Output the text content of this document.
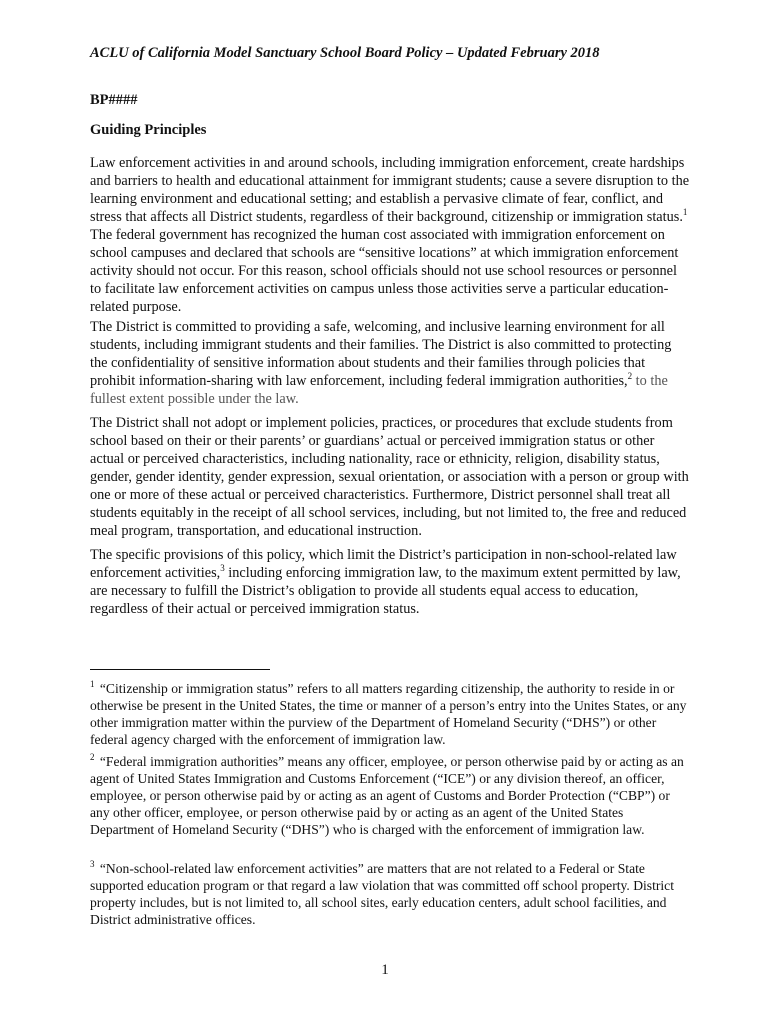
ACLU of California Model Sanctuary School Board Policy – Updated February 2018
BP####
Guiding Principles

Law enforcement activities in and around schools, including immigration enforcement, create hardships and barriers to health and educational attainment for immigrant students; cause a severe disruption to the learning environment and educational setting; and establish a pervasive climate of fear, conflict, and stress that affects all District students, regardless of their background, citizenship or immigration status.$^1$ The federal government has recognized the human cost associated with immigration enforcement on school campuses and declared that schools are “sensitive locations” at which immigration enforcement activity should not occur. For this reason, school officials should not use school resources or personnel to facilitate law enforcement activities on campus unless those activities serve a particular education-related purpose.

The District is committed to providing a safe, welcoming, and inclusive learning environment for all students, including immigrant students and their families. The District is also committed to protecting the confidentiality of sensitive information about students and their families through policies that prohibit information-sharing with law enforcement, including federal immigration authorities,$^2$ to the fullest extent possible under the law.

The District shall not adopt or implement policies, practices, or procedures that exclude students from school based on their or their parents’ or guardians’ actual or perceived immigration status or other actual or perceived characteristics, including nationality, race or ethnicity, religion, disability status, gender, gender identity, gender expression, sexual orientation, or association with a person or group with one or more of these actual or perceived characteristics. Furthermore, District personnel shall treat all students equitably in the receipt of all school services, including, but not limited to, the free and reduced meal program, transportation, and educational instruction.

The specific provisions of this policy, which limit the District’s participation in non-school-related law enforcement activities,$^3$ including enforcing immigration law, to the maximum extent permitted by law, are necessary to fulfill the District’s obligation to provide all students equal access to education, regardless of their actual or perceived immigration status.

$^1$ “Citizenship or immigration status” refers to all matters regarding citizenship, the authority to reside in or otherwise be present in the United States, the time or manner of a person’s entry into the Unites States, or any other immigration matter within the purview of the Department of Homeland Security (“DHS”) or other federal agency charged with the enforcement of immigration law.

$^2$ “Federal immigration authorities” means any officer, employee, or person otherwise paid by or acting as an agent of United States Immigration and Customs Enforcement (“ICE”) or any division thereof, an officer, employee, or person otherwise paid by or acting as an agent of Customs and Border Protection (“CBP”) or any other officer, employee, or person otherwise paid by or acting as an agent of the United States Department of Homeland Security (“DHS”) who is charged with the enforcement of immigration law.

$^3$ “Non-school-related law enforcement activities” are matters that are not related to a Federal or State supported education program or that regard a law violation that was committed off school property. District property includes, but is not limited to, all school sites, early education centers, adult school facilities, and District administrative offices.

1
